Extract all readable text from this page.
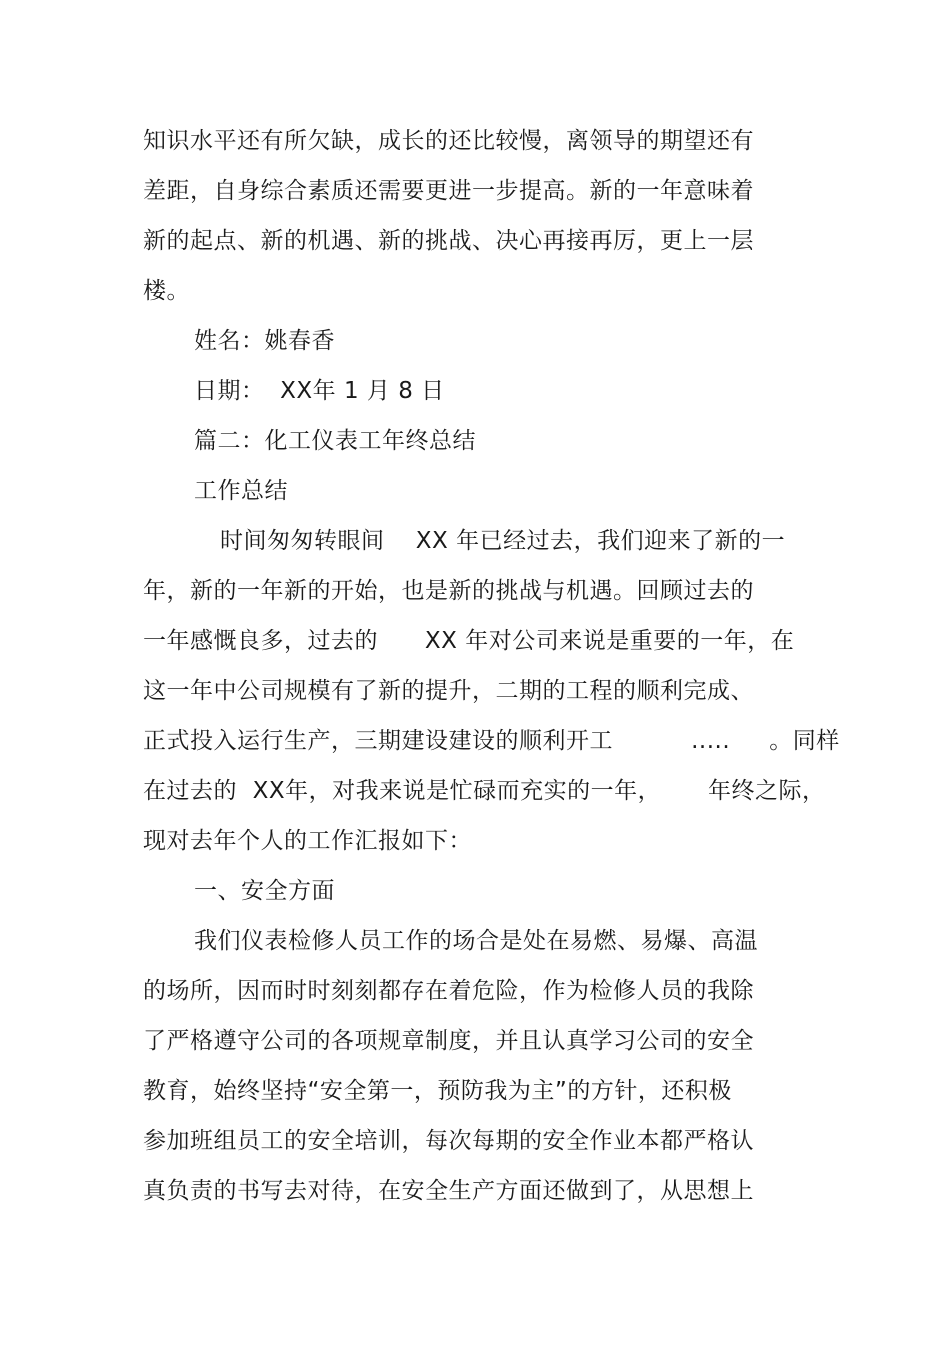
知识水平还有所欠缺，成长的还比较慢，离领导的期望还有
差距，自身综合素质还需要更进一步提高。新的一年意味着
新的起点、新的机遇、新的挑战、决心再接再厉，更上一层
楼。
姓名：姚春香
日期：  XX年 1 月 8 日
篇二：化工仪表工年终总结
工作总结
时间匆匆转眼间    XX 年已经过去，我们迎来了新的一
年，新的一年新的开始，也是新的挑战与机遇。回顾过去的
一年感慨良多，过去的      XX 年对公司来说是重要的一年，在
这一年中公司规模有了新的提升，二期的工程的顺利完成、
正式投入运行生产，三期建设建设的顺利开工          .....     。同样
在过去的  XX年，对我来说是忙碌而充实的一年，      年终之际，
现对去年个人的工作汇报如下：
一、安全方面
我们仪表检修人员工作的场合是处在易燃、易爆、高温
的场所，因而时时刻刻都存在着危险，作为检修人员的我除
了严格遵守公司的各项规章制度，并且认真学习公司的安全
教育，始终坚持“安全第一，预防我为主”的方针，还积极
参加班组员工的安全培训，每次每期的安全作业本都严格认
真负责的书写去对待，在安全生产方面还做到了，从思想上
